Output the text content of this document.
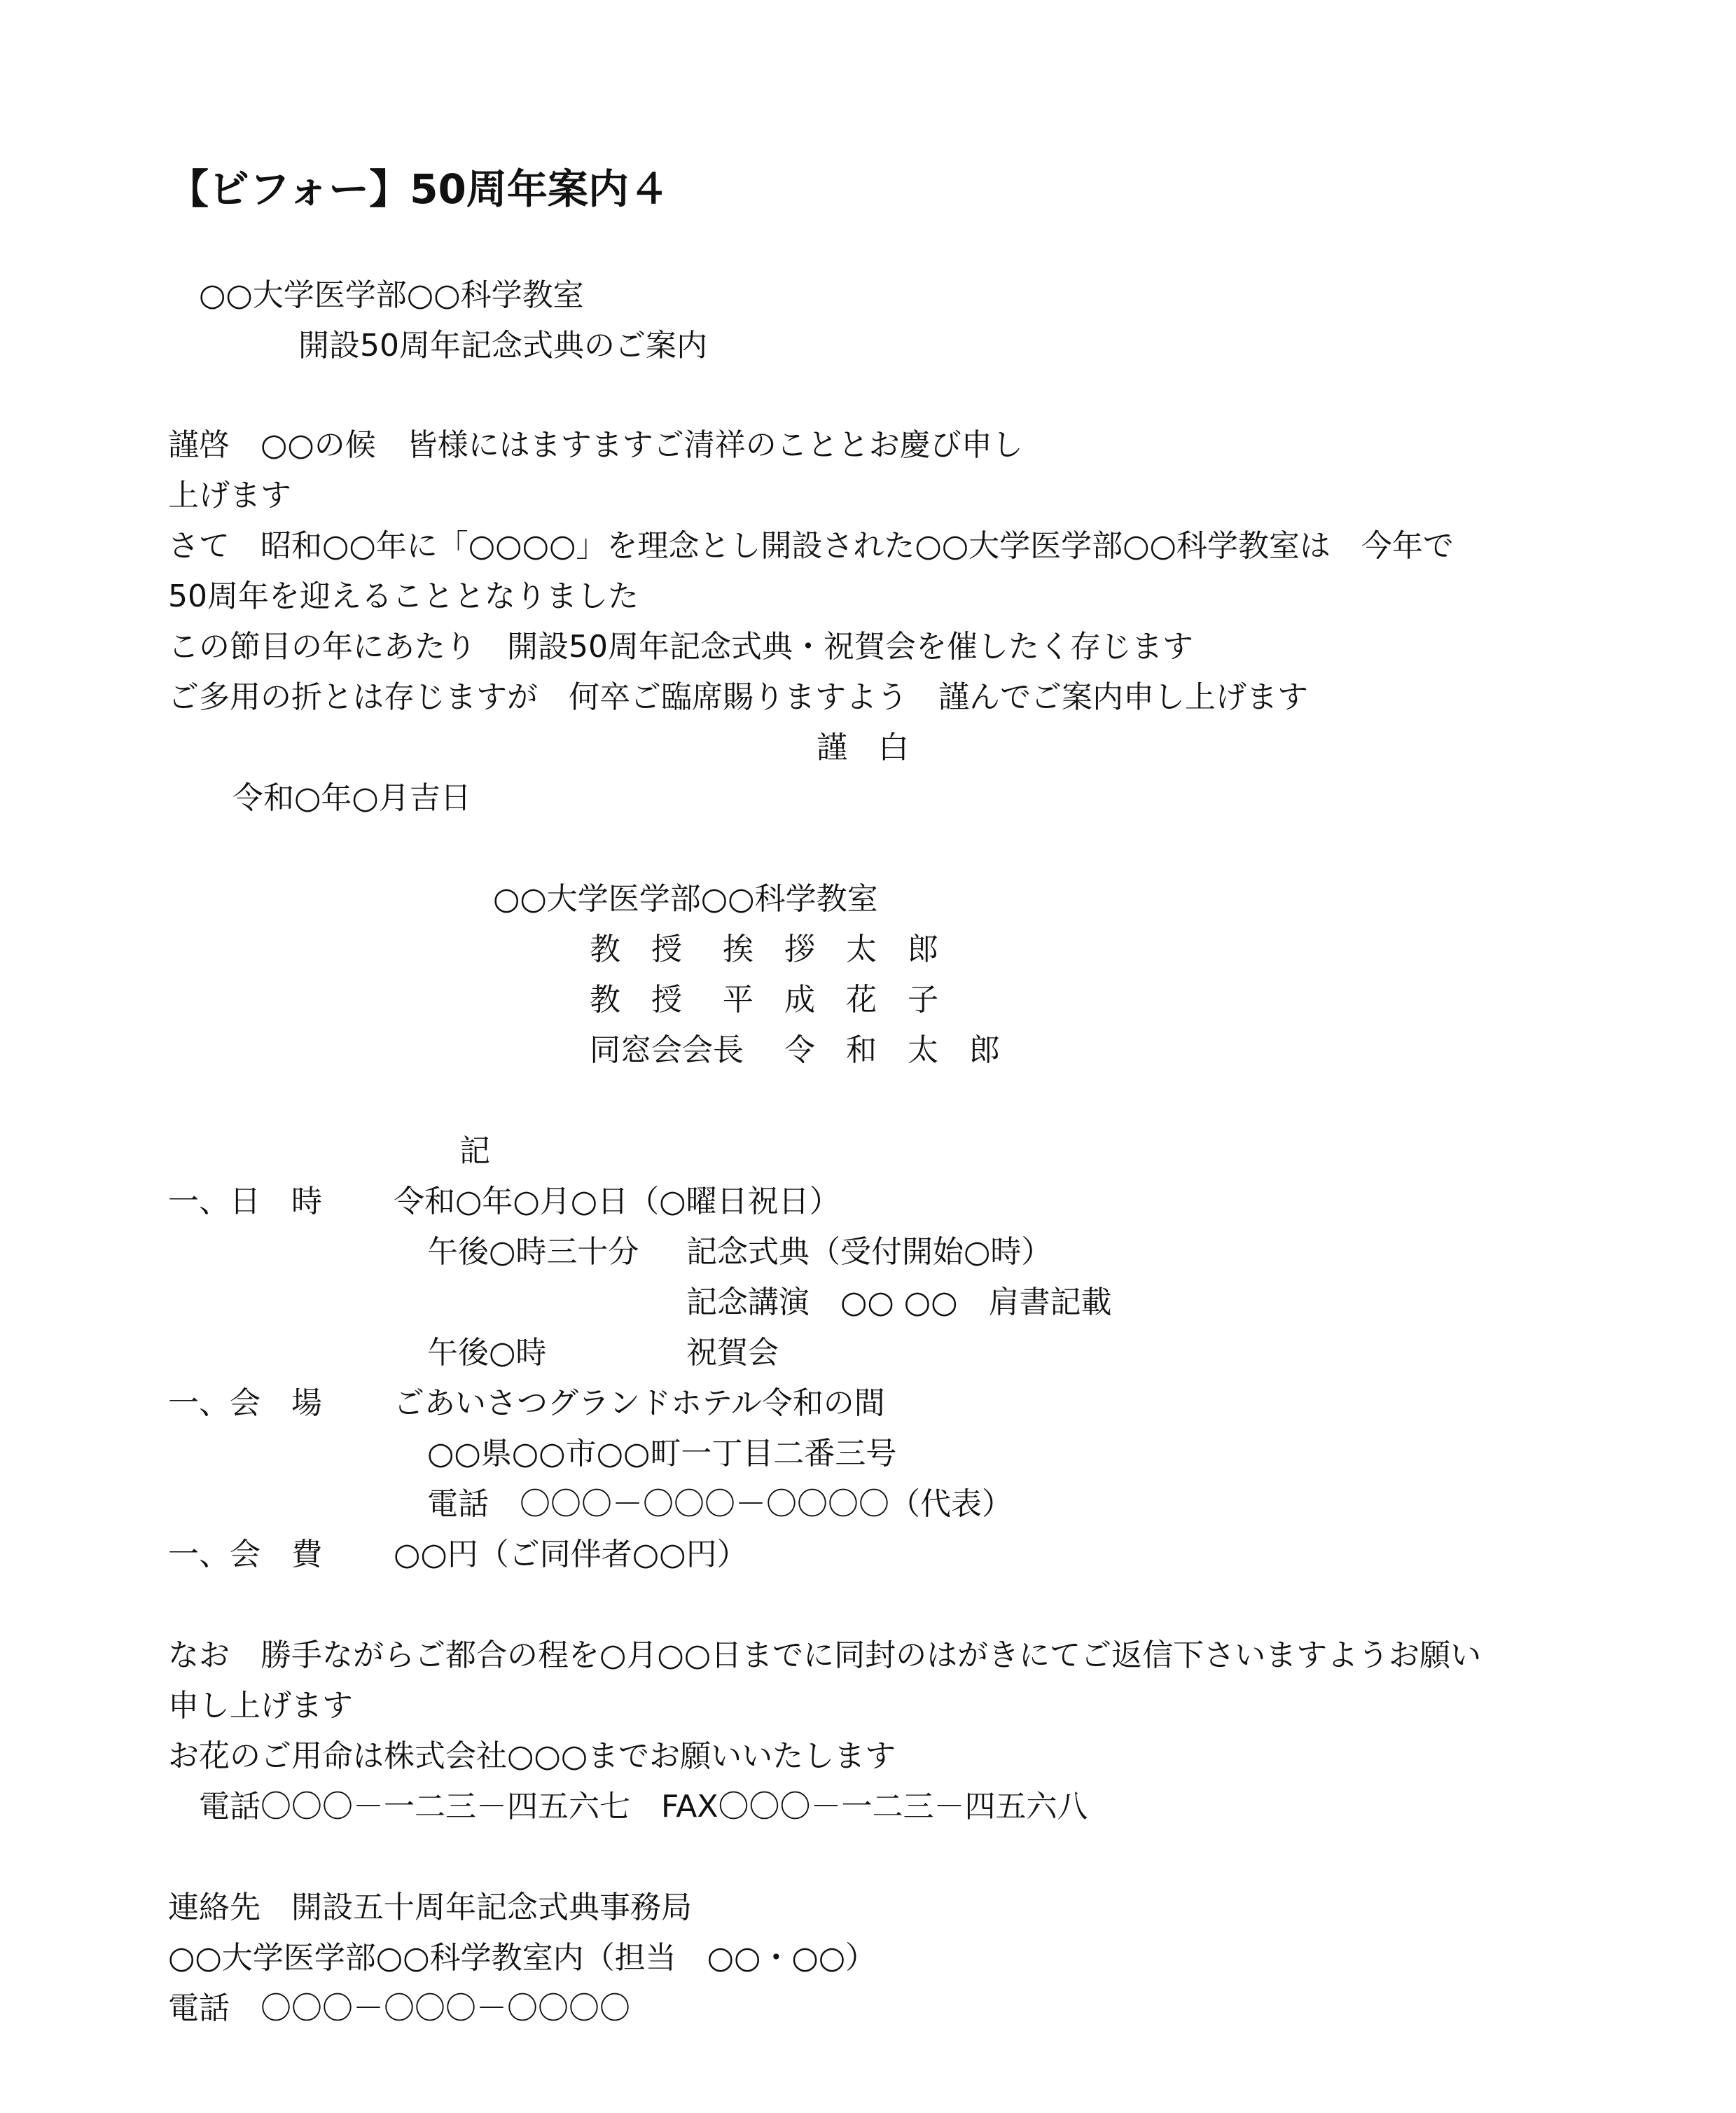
【ビフォー】50周年案内４
○○大学医学部○○科学教室
開設50周年記念式典のご案内
謹啓　○○の候　皆様にはますますご清祥のこととお慶び申し
上げます
さて　昭和○○年に「○○○○」を理念とし開設された○○大学医学部○○科学教室は　今年で
50周年を迎えることとなりました
この節目の年にあたり　開設50周年記念式典・祝賀会を催したく存じます
ご多用の折とは存じますが　何卒ご臨席賜りますよう　謹んでご案内申し上げます
謹　白
令和○年○月吉日
○○大学医学部○○科学教室
教　授　 挨　拶　太　郎
教　授　 平　成　花　子
同窓会会長　 令　和　太　郎
記
一、日　時 令和○年○月○日（○曜日祝日）
午後○時三十分 記念式典（受付開始○時）
記念講演　○○ ○○　肩書記載
午後○時	祝賀会
一、会　場 ごあいさつグランドホテル令和の間
○○県○○市○○町一丁目二番三号
電話　〇〇〇－〇〇〇－〇〇〇〇（代表）
一、会　費 ○○円（ご同伴者○○円）
なお　勝手ながらご都合の程を○月○○日までに同封のはがきにてご返信下さいますようお願い
申し上げます
お花のご用命は株式会社○○○までお願いいたします
電話〇〇〇－一二三－四五六七　FAX〇〇〇－一二三－四五六八
連絡先　開設五十周年記念式典事務局
○○大学医学部○○科学教室内（担当　○○・○○）
電話　〇〇〇－〇〇〇－〇〇〇〇
